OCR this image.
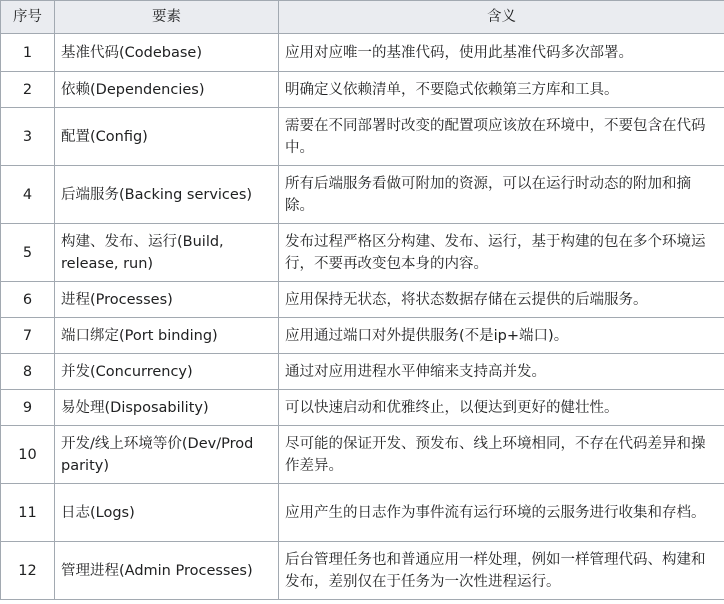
序号	要素	含义
1	基准代码(Codebase)	应用对应唯一的基准代码，使用此基准代码多次部署。
2	依赖(Dependencies)	明确定义依赖清单，不要隐式依赖第三方库和工具。
3	配置(Config)	需要在不同部署时改变的配置项应该放在环境中，不要包含在代码中。
4	后端服务(Backing services)	所有后端服务看做可附加的资源，可以在运行时动态的附加和摘除。
5	构建、发布、运行(Build, release, run)	发布过程严格区分构建、发布、运行，基于构建的包在多个环境运行，不要再改变包本身的内容。
6	进程(Processes)	应用保持无状态，将状态数据存储在云提供的后端服务。
7	端口绑定(Port binding)	应用通过端口对外提供服务(不是ip+端口)。
8	并发(Concurrency)	通过对应用进程水平伸缩来支持高并发。
9	易处理(Disposability)	可以快速启动和优雅终止，以便达到更好的健壮性。
10	开发/线上环境等价(Dev/Prod parity)	尽可能的保证开发、预发布、线上环境相同，不存在代码差异和操作差异。
11	日志(Logs)	应用产生的日志作为事件流有运行环境的云服务进行收集和存档。
12	管理进程(Admin Processes)	后台管理任务也和普通应用一样处理，例如一样管理代码、构建和发布，差别仅在于任务为一次性进程运行。
